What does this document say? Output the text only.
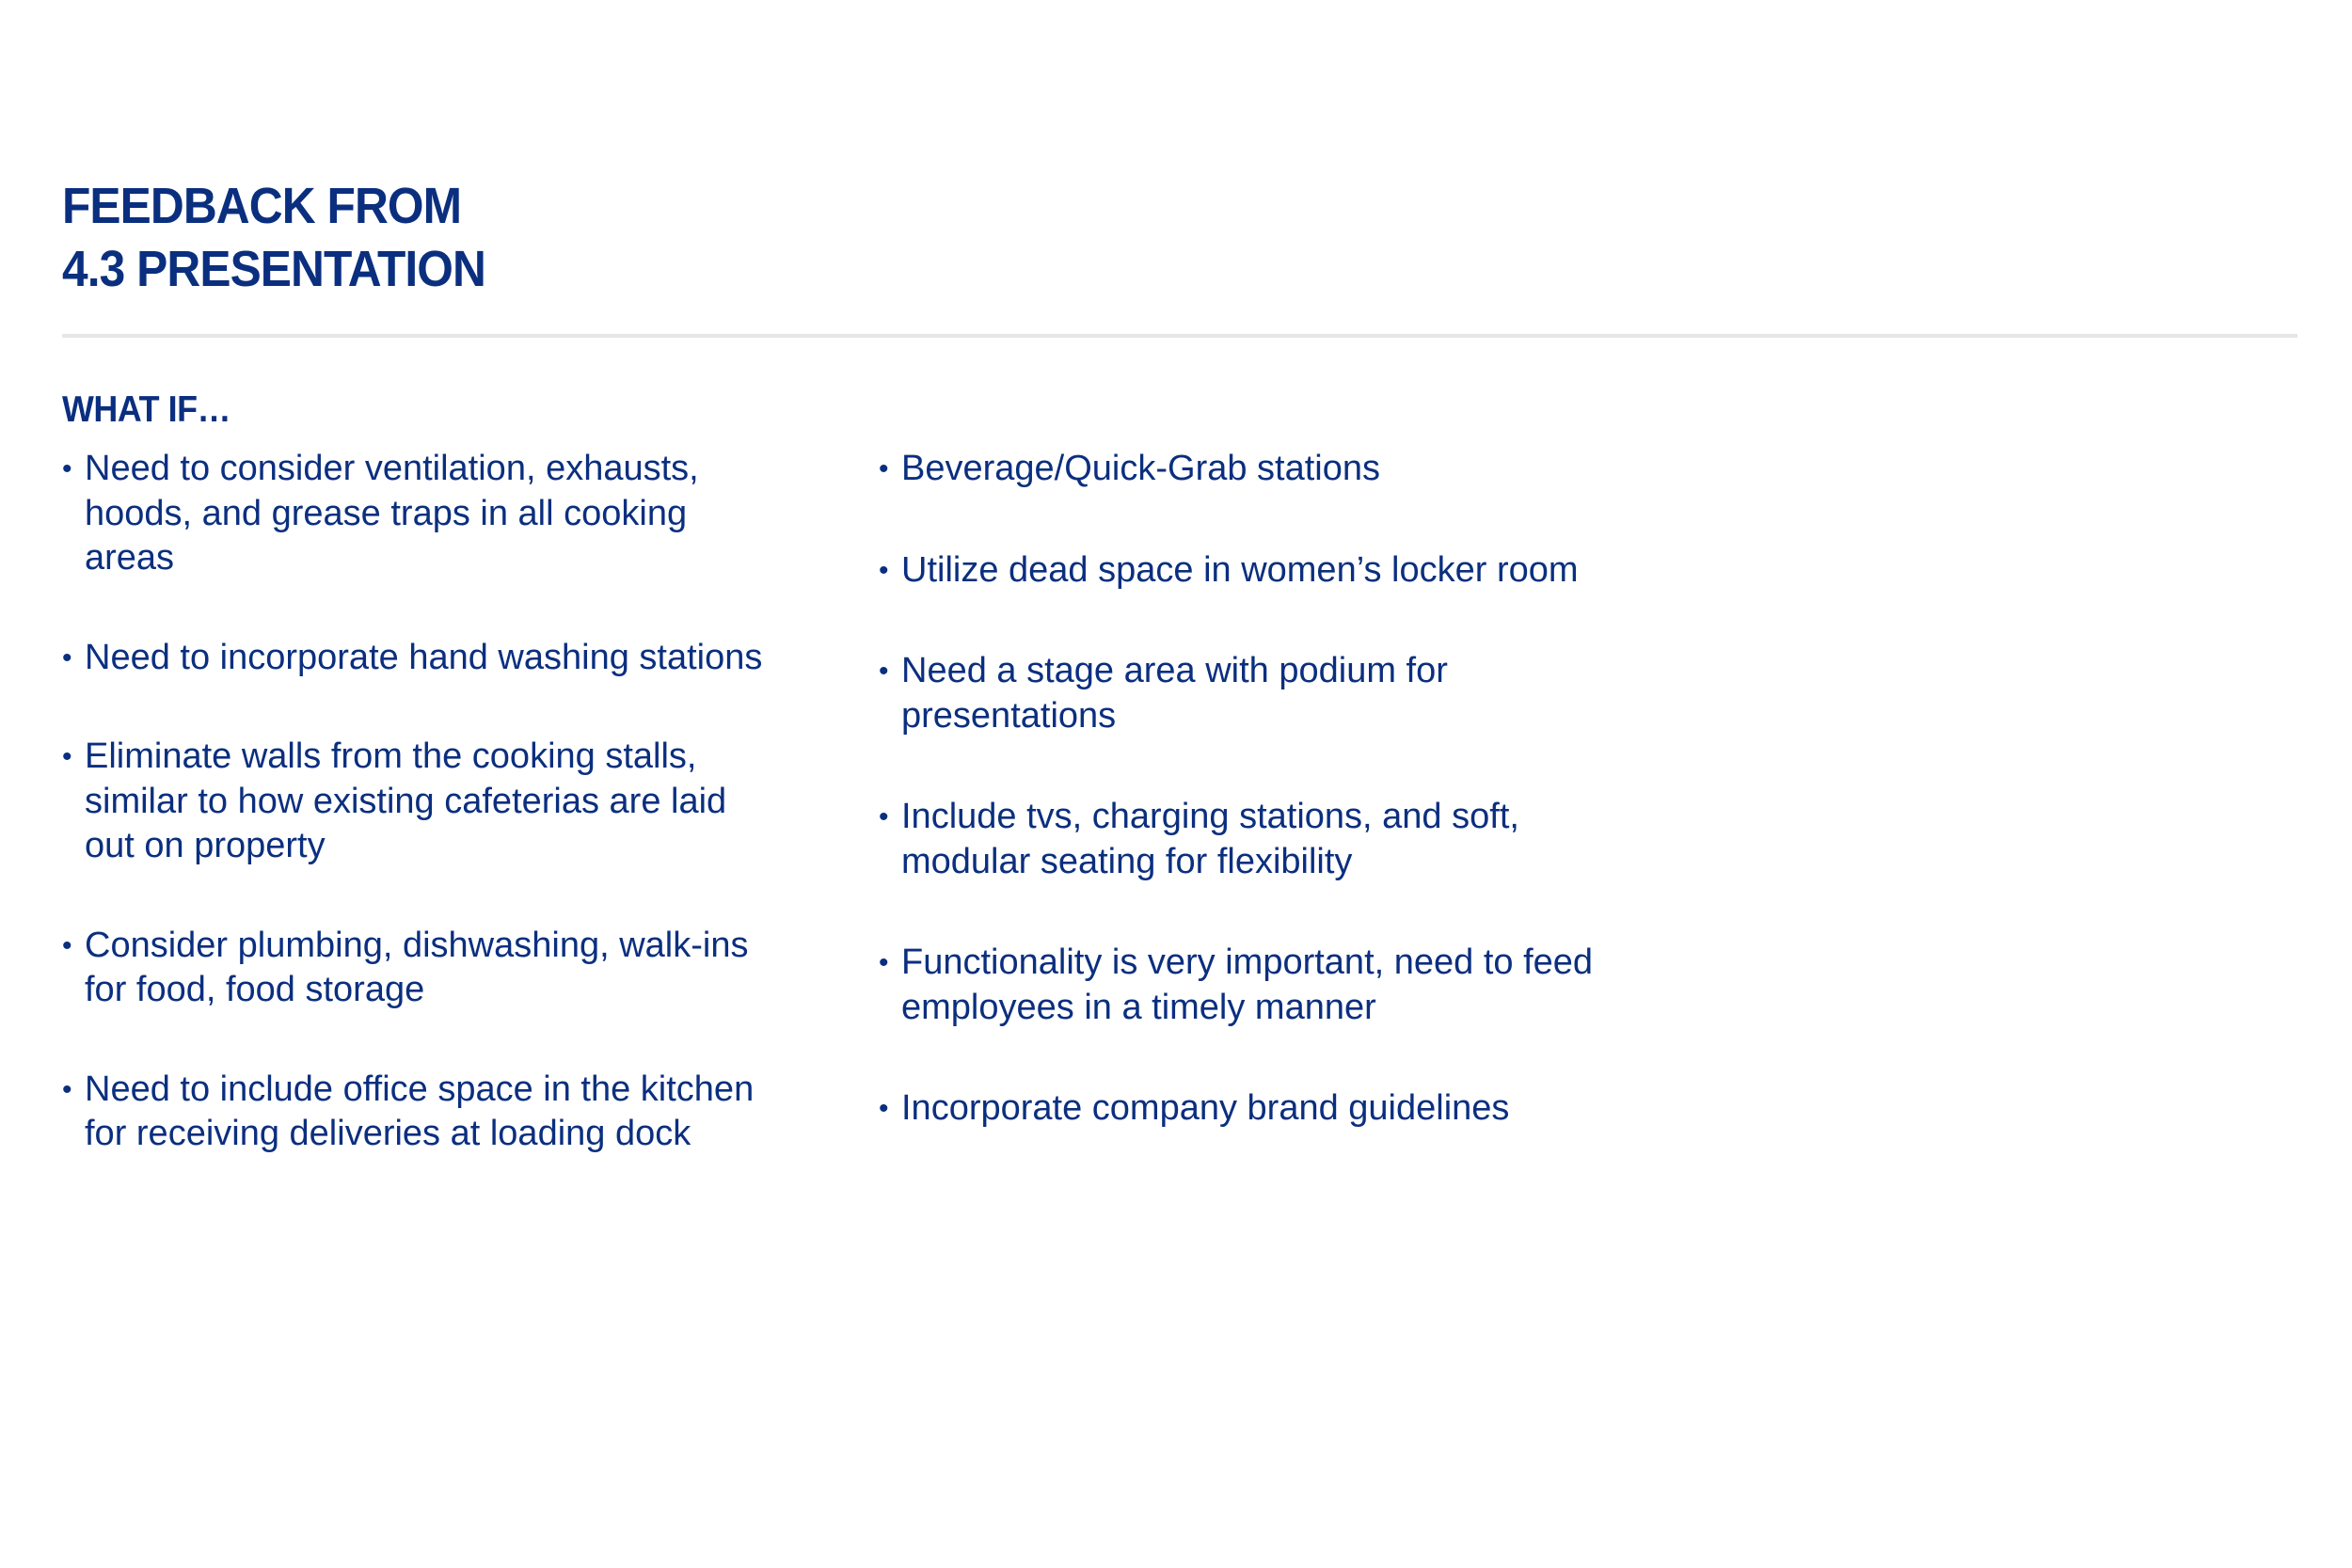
FEEDBACK FROM
4.3 PRESENTATION
WHAT IF…
• Need to consider ventilation, exhausts, hoods, and grease traps in all cooking areas
• Need to incorporate hand washing stations
• Eliminate walls from the cooking stalls, similar to how existing cafeterias are laid out on property
• Consider plumbing, dishwashing, walk-ins for food, food storage
• Need to include office space in the kitchen for receiving deliveries at loading dock
• Beverage/Quick-Grab stations
• Utilize dead space in women’s locker room
• Need a stage area with podium for presentations
• Include tvs, charging stations, and soft, modular seating for flexibility
• Functionality is very important, need to feed employees in a timely manner
• Incorporate company brand guidelines
